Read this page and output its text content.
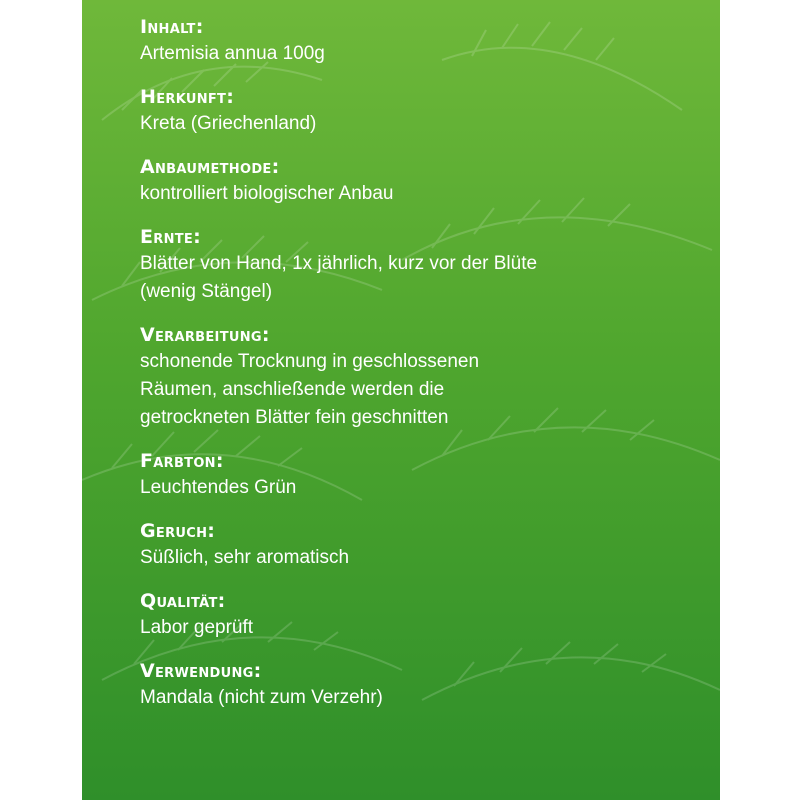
Inhalt:
Artemisia annua 100g
Herkunft:
Kreta (Griechenland)
Anbaumethode:
kontrolliert biologischer Anbau
Ernte:
Blätter von Hand, 1x jährlich, kurz vor der Blüte
(wenig Stängel)
Verarbeitung:
schonende Trocknung in geschlossenen
Räumen, anschließende werden die
getrockneten Blätter fein geschnitten
Farbton:
Leuchtendes Grün
Geruch:
Süßlich, sehr aromatisch
Qualität:
Labor geprüft
Verwendung:
Mandala (nicht zum Verzehr)
